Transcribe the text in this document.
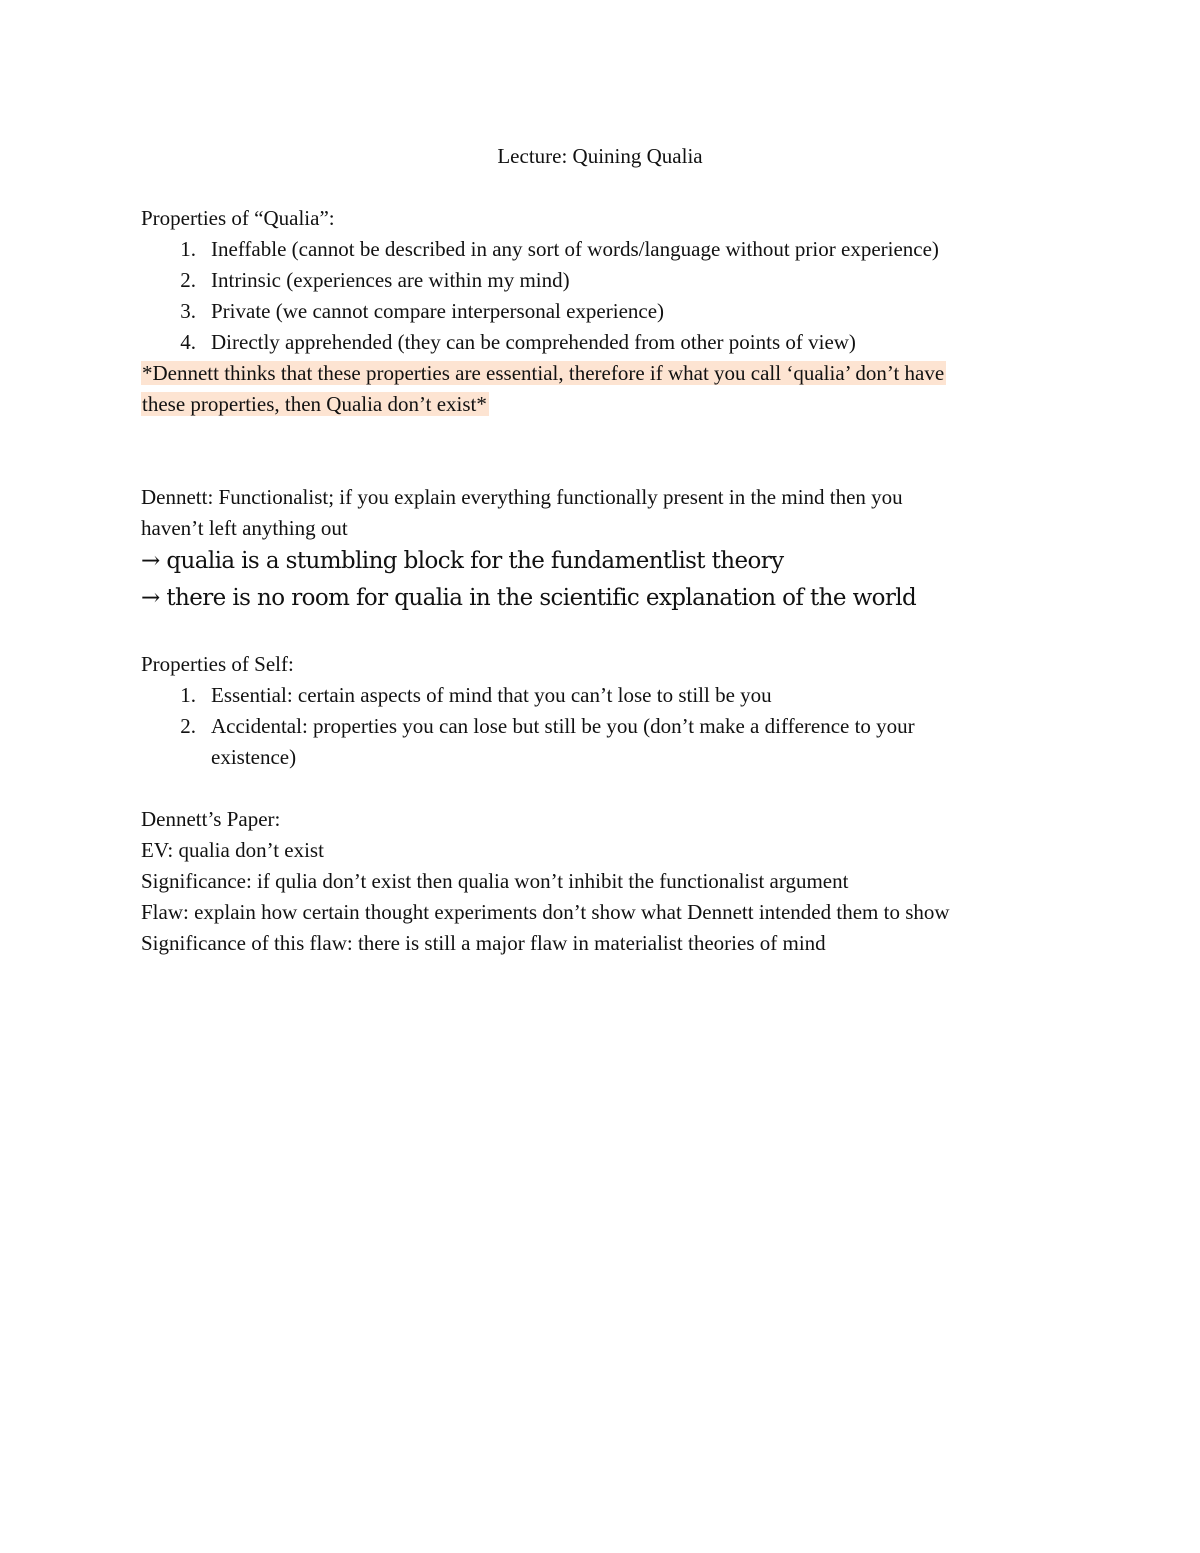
Lecture: Quining Qualia
Properties of “Qualia”:
1. Ineffable (cannot be described in any sort of words/language without prior experience)
2. Intrinsic (experiences are within my mind)
3. Private (we cannot compare interpersonal experience)
4. Directly apprehended (they can be comprehended from other points of view)
*Dennett thinks that these properties are essential, therefore if what you call ‘qualia’ don’t have
these properties, then Qualia don’t exist*
Dennett: Functionalist; if you explain everything functionally present in the mind then you
haven’t left anything out
→ qualia is a stumbling block for the fundamentlist theory
→ there is no room for qualia in the scientific explanation of the world
Properties of Self:
1. Essential: certain aspects of mind that you can’t lose to still be you
2. Accidental: properties you can lose but still be you (don’t make a difference to your
existence)
Dennett’s Paper:
EV: qualia don’t exist
Significance: if qulia don’t exist then qualia won’t inhibit the functionalist argument
Flaw: explain how certain thought experiments don’t show what Dennett intended them to show
Significance of this flaw: there is still a major flaw in materialist theories of mind
